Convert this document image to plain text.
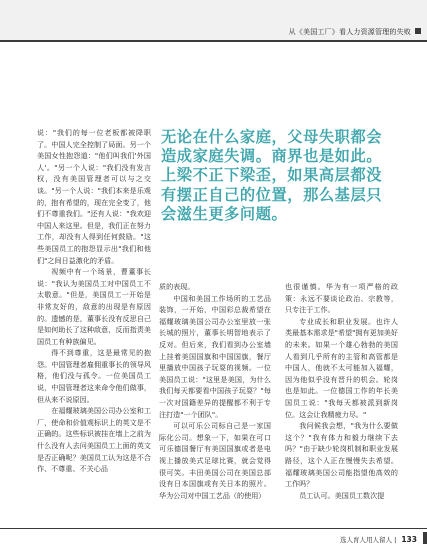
从《美国工厂》看人力资源管理的失败

说："我们的每一位老板都被降职了。中国人完全控制了局面。另一个美国女性抱怨道："他们叫我们'外国人'。"另一个人说："我们没有发言权，没有美国管理者可以与之交谈。"另一个人说："我们本来是乐观的，抱有希望的，现在完全变了，他们不尊重我们。"还有人说："我欢迎中国人来这里。但是，我们正在努力工作，却没有人得到任何鼓励。"这些美国员工的抱怨显示出"我们和他们"之间日益激化的矛盾。

视频中有一个场景，曹董事长说："我认为美国员工对中国员工不太敬意。"但是，美国员工一开始是非常友好的，敌意的出现是有原因的。遗憾的是，董事长没有反思自己是如何助长了这种敌意，反而指责美国员工有种族偏见。

得不到尊重，这是最常见的抱怨。中国管理者雇佣重事长的领导风格，他们没与孤令。一位美国员工说，中国管理者这来命令他们做事，但从来不说原因。

在福耀玻璃美国公司办公室和工厂，使命和价值观标识上的英文是不正确的。这些标识被挂在墙上之前为什么没有人去问美国员工上面的英文是否正确呢？美国员工认为这是不合作、不尊重、不关心品

无论在什么家庭，父母失职都会造成家庭失调。商界也是如此。上梁不正下梁歪，如果高层都没有摆正自己的位置，那么基层只会滋生更多问题。

质的表现。

中国和美国工作场所的工艺品装饰，一开始，中国彩总裁希望在福耀玻璃美国公司办公室里放一张长城的照片，董事长明智地表示了反对。但后来，我们看到办公室墙上挂着美国国旗和中国国旗，餐厅里播放中国孩子玩耍的视频。一位美国员工说："这里是美国，为什么我们每天都要看中国孩子玩耍？"每一次对国籍差异的提醒都不利于专注打造"一个团队"。

可以可乐公司标自己是一家国际化公司。想象一下，如果在可口可乐德国餐厅有美国国旗或者是电视上播放美式足球比赛，就会觉得很可笑。丰田美国公司在美国总部没有日本国旗或有关日本的照片。华为公司对中国工艺品（的使用）

也很谨慎。华为有一项严格的政策：永远不要谈论政治、宗教等，只专注于工作。

专业成长和职业发展。也许人类最基本需求是"希望"拥有更加美好的未来。如果一个雄心勃勃的美国人看到几乎所有的主管和高管都是中国人，他就不太可能加入福耀，因为他似乎没有晋升的机会。轮岗也是如此。一位德国工作的年长美国员工说："我每天都被派到新岗位。这会让我精疲力尽。"

我问候我会想，"我为什么要做这个？"我有体力和毅力继续下去吗？"由于缺少轮岗机制和职业发展路径，这个人正在慢慢失去希望。福耀玻璃美国公司能指望他高效的工作吗？

员工认可。美国员工数次提

选人育人用人留人 | 133
